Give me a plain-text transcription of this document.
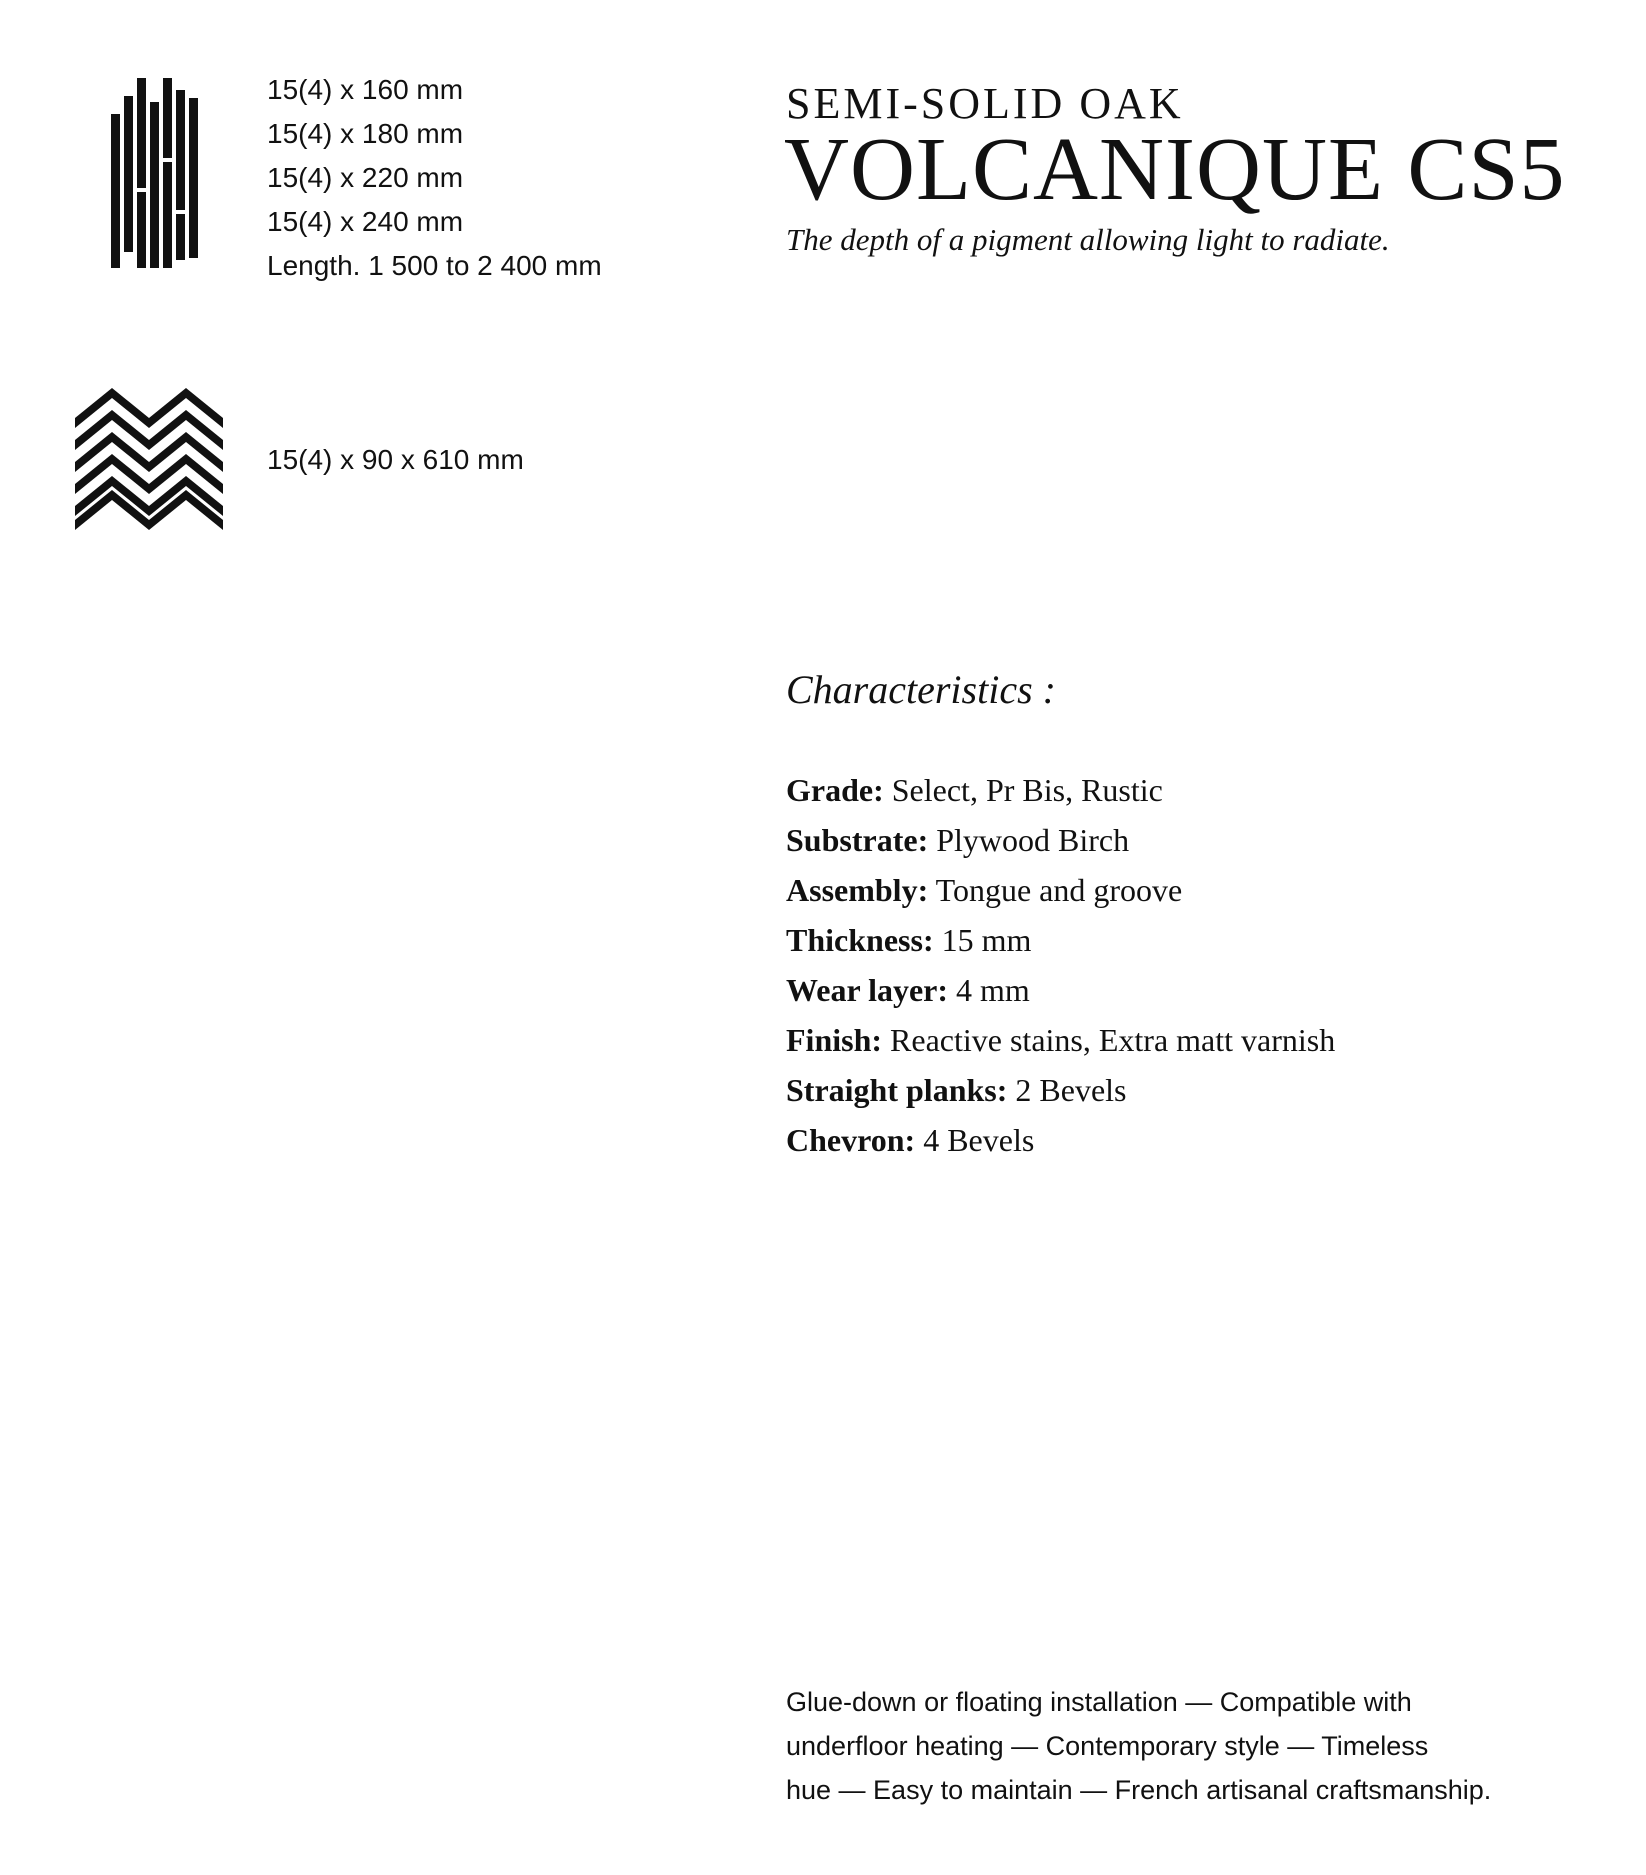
15(4) x 160 mm
15(4) x 180 mm
15(4) x 220 mm
15(4) x 240 mm
Length. 1 500 to 2 400 mm
15(4) x 90 x 610 mm
SEMI-SOLID OAK
VOLCANIQUE CS5
The depth of a pigment allowing light to radiate.
Characteristics :
Grade: Select, Pr Bis, Rustic
Substrate: Plywood Birch
Assembly: Tongue and groove
Thickness: 15 mm
Wear layer: 4 mm
Finish: Reactive stains, Extra matt varnish
Straight planks: 2 Bevels
Chevron: 4 Bevels
Glue-down or floating installation — Compatible with
underfloor heating — Contemporary style — Timeless
hue — Easy to maintain — French artisanal craftsmanship.
